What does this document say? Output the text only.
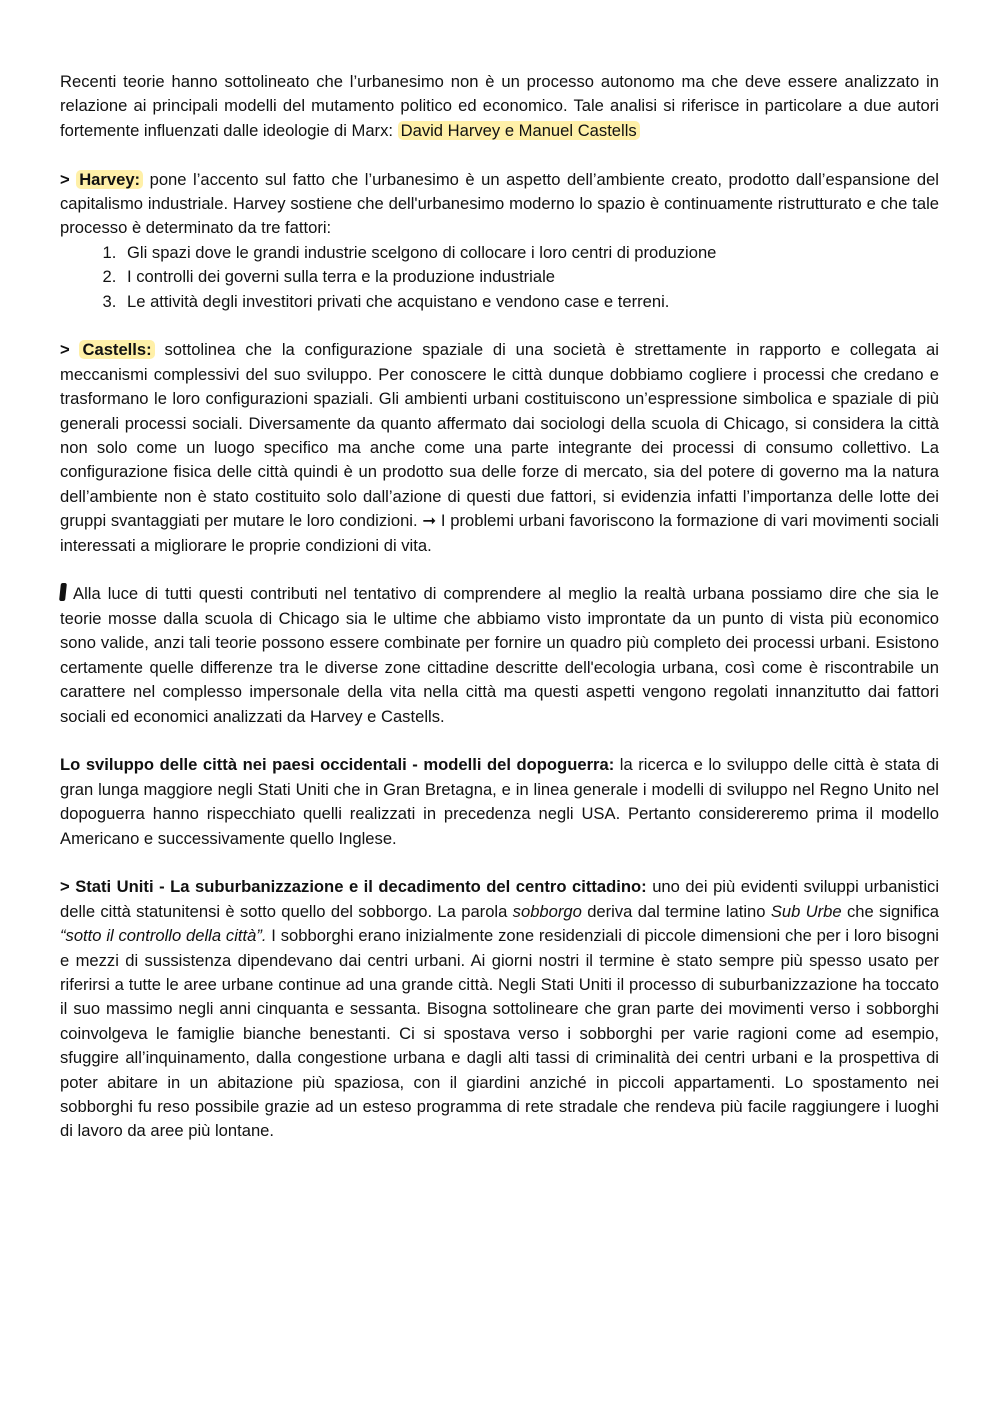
Recenti teorie hanno sottolineato che l’urbanesimo non è un processo autonomo ma che deve essere analizzato in relazione ai principali modelli del mutamento politico ed economico. Tale analisi si riferisce in particolare a due autori fortemente influenzati dalle ideologie di Marx: David Harvey e Manuel Castells

> Harvey: pone l’accento sul fatto che l’urbanesimo è un aspetto dell’ambiente creato, prodotto dall’espansione del capitalismo industriale. Harvey sostiene che dell'urbanesimo moderno lo spazio è continuamente ristrutturato e che tale processo è determinato da tre fattori:

1. Gli spazi dove le grandi industrie scelgono di collocare i loro centri di produzione
2. I controlli dei governi sulla terra e la produzione industriale
3. Le attività degli investitori privati che acquistano e vendono case e terreni.

> Castells: sottolinea che la configurazione spaziale di una società è strettamente in rapporto e collegata ai meccanismi complessivi del suo sviluppo. Per conoscere le città dunque dobbiamo cogliere i processi che credano e trasformano le loro configurazioni spaziali. Gli ambienti urbani costituiscono un’espressione simbolica e spaziale di più generali processi sociali. Diversamente da quanto affermato dai sociologi della scuola di Chicago, si considera la città non solo come un luogo specifico ma anche come una parte integrante dei processi di consumo collettivo. La configurazione fisica delle città quindi è un prodotto sua delle forze di mercato, sia del potere di governo ma la natura dell’ambiente non è stato costituito solo dall’azione di questi due fattori, si evidenzia infatti l’importanza delle lotte dei gruppi svantaggiati per mutare le loro condizioni. ➞ I problemi urbani favoriscono la formazione di vari movimenti sociali interessati a migliorare le proprie condizioni di vita.

Alla luce di tutti questi contributi nel tentativo di comprendere al meglio la realtà urbana possiamo dire che sia le teorie mosse dalla scuola di Chicago sia le ultime che abbiamo visto improntate da un punto di vista più economico sono valide, anzi tali teorie possono essere combinate per fornire un quadro più completo dei processi urbani. Esistono certamente quelle differenze tra le diverse zone cittadine descritte dell'ecologia urbana, così come è riscontrabile un carattere nel complesso impersonale della vita nella città ma questi aspetti vengono regolati innanzitutto dai fattori sociali ed economici analizzati da Harvey e Castells.

Lo sviluppo delle città nei paesi occidentali - modelli del dopoguerra: la ricerca e lo sviluppo delle città è stata di gran lunga maggiore negli Stati Uniti che in Gran Bretagna, e in linea generale i modelli di sviluppo nel Regno Unito nel dopoguerra hanno rispecchiato quelli realizzati in precedenza negli USA. Pertanto considereremo prima il modello Americano e successivamente quello Inglese.

> Stati Uniti - La suburbanizzazione e il decadimento del centro cittadino: uno dei più evidenti sviluppi urbanistici delle città statunitensi è sotto quello del sobborgo. La parola sobborgo deriva dal termine latino Sub Urbe che significa “sotto il controllo della città”. I sobborghi erano inizialmente zone residenziali di piccole dimensioni che per i loro bisogni e mezzi di sussistenza dipendevano dai centri urbani. Ai giorni nostri il termine è stato sempre più spesso usato per riferirsi a tutte le aree urbane continue ad una grande città. Negli Stati Uniti il processo di suburbanizzazione ha toccato il suo massimo negli anni cinquanta e sessanta. Bisogna sottolineare che gran parte dei movimenti verso i sobborghi coinvolgeva le famiglie bianche benestanti. Ci si spostava verso i sobborghi per varie ragioni come ad esempio, sfuggire all’inquinamento, dalla congestione urbana e dagli alti tassi di criminalità dei centri urbani e la prospettiva di poter abitare in un abitazione più spaziosa, con il giardini anziché in piccoli appartamenti. Lo spostamento nei sobborghi fu reso possibile grazie ad un esteso programma di rete stradale che rendeva più facile raggiungere i luoghi di lavoro da aree più lontane.
